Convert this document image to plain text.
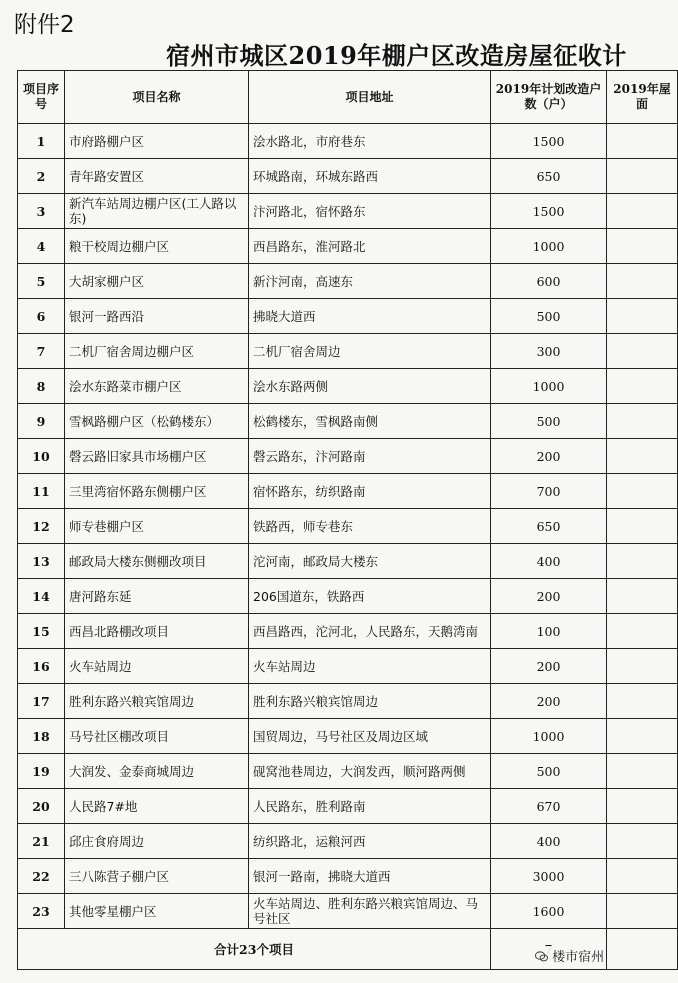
附件2
宿州市城区2019年棚户区改造房屋征收计
项目序号	项目名称	项目地址	2019年计划改造户数（户）	2019年屋面
1	市府路棚户区	浍水路北，市府巷东	1500	
2	青年路安置区	环城路南，环城东路西	650	
3	新汽车站周边棚户区(工人路以东)	汴河路北，宿怀路东	1500	
4	粮干校周边棚户区	西昌路东，淮河路北	1000	
5	大胡家棚户区	新汴河南，高速东	600	
6	银河一路西沿	拂晓大道西	500	
7	二机厂宿舍周边棚户区	二机厂宿舍周边	300	
8	浍水东路菜市棚户区	浍水东路两侧	1000	
9	雪枫路棚户区（松鹤楼东）	松鹤楼东，雪枫路南侧	500	
10	磬云路旧家具市场棚户区	磬云路东，汴河路南	200	
11	三里湾宿怀路东侧棚户区	宿怀路东，纺织路南	700	
12	师专巷棚户区	铁路西，师专巷东	650	
13	邮政局大楼东侧棚改项目	沱河南，邮政局大楼东	400	
14	唐河路东延	206国道东，铁路西	200	
15	西昌北路棚改项目	西昌路西，沱河北，人民路东，天鹅湾南	100	
16	火车站周边	火车站周边	200	
17	胜利东路兴粮宾馆周边	胜利东路兴粮宾馆周边	200	
18	马号社区棚改项目	国贸周边，马号社区及周边区域	1000	
19	大润发、金泰商城周边	砚窝池巷周边，大润发西，顺河路两侧	500	
20	人民路7#地	人民路东，胜利路南	670	
21	邱庄食府周边	纺织路北，运粮河西	400	
22	三八陈营子棚户区	银河一路南，拂晓大道西	3000	
23	其他零星棚户区	火车站周边、胜利东路兴粮宾馆周边、马号社区	1600	
合计23个项目		
楼市宿州
